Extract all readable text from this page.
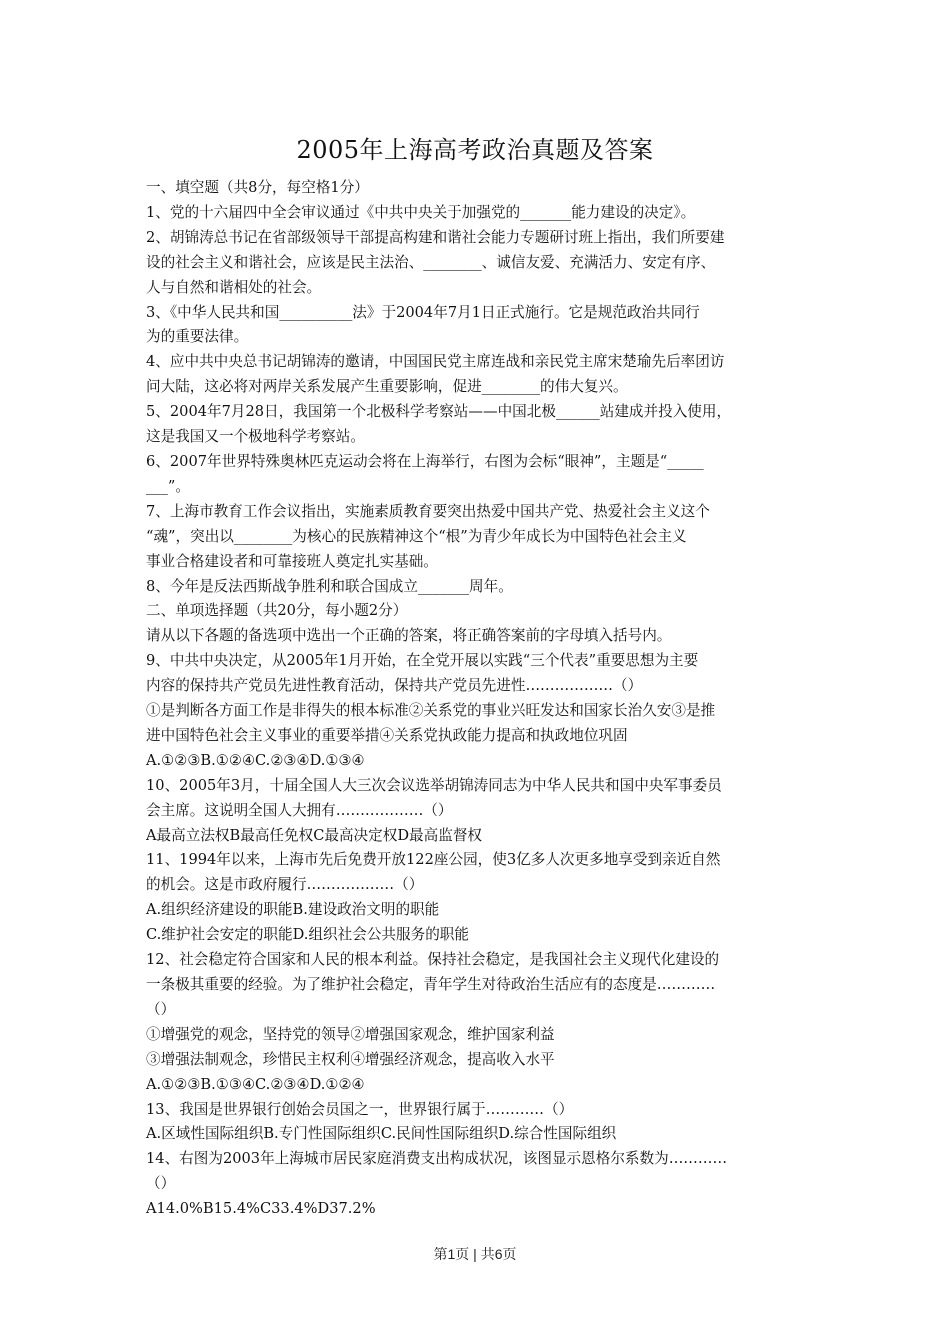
2005年上海高考政治真题及答案

一、填空题（共8分，每空格1分）

1、党的十六届四中全会审议通过《中共中央关于加强党的_______能力建设的决定》。

2、胡锦涛总书记在省部级领导干部提高构建和谐社会能力专题研讨班上指出，我们所要建

设的社会主义和谐社会，应该是民主法治、________、诚信友爱、充满活力、安定有序、

人与自然和谐相处的社会。

3、《中华人民共和国__________法》于2004年7月1日正式施行。它是规范政治共同行

为的重要法律。

4、应中共中央总书记胡锦涛的邀请，中国国民党主席连战和亲民党主席宋楚瑜先后率团访

问大陆，这必将对两岸关系发展产生重要影响，促进________的伟大复兴。

5、2004年7月28日，我国第一个北极科学考察站——中国北极______站建成并投入使用，

这是我国又一个极地科学考察站。

6、2007年世界特殊奥林匹克运动会将在上海举行，右图为会标“眼神”，主题是“_____

___”。

7、上海市教育工作会议指出，实施素质教育要突出热爱中国共产党、热爱社会主义这个

“魂”，突出以________为核心的民族精神这个“根”为青少年成长为中国特色社会主义

事业合格建设者和可靠接班人奠定扎实基础。

8、今年是反法西斯战争胜利和联合国成立_______周年。

二、单项选择题（共20分，每小题2分）

请从以下各题的备选项中选出一个正确的答案，将正确答案前的字母填入括号内。

9、中共中央决定，从2005年1月开始，在全党开展以实践“三个代表”重要思想为主要

内容的保持共产党员先进性教育活动，保持共产党员先进性………………（）

①是判断各方面工作是非得失的根本标准②关系党的事业兴旺发达和国家长治久安③是推

进中国特色社会主义事业的重要举措④关系党执政能力提高和执政地位巩固

A.①②③B.①②④C.②③④D.①③④

10、2005年3月，十届全国人大三次会议选举胡锦涛同志为中华人民共和国中央军事委员

会主席。这说明全国人大拥有………………（）

A最高立法权B最高任免权C最高决定权D最高监督权

11、1994年以来，上海市先后免费开放122座公园，使3亿多人次更多地享受到亲近自然

的机会。这是市政府履行………………（）

A.组织经济建设的职能B.建设政治文明的职能

C.维护社会安定的职能D.组织社会公共服务的职能

12、社会稳定符合国家和人民的根本利益。保持社会稳定，是我国社会主义现代化建设的

一条极其重要的经验。为了维护社会稳定，青年学生对待政治生活应有的态度是…………

（）

①增强党的观念，坚持党的领导②增强国家观念，维护国家利益

③增强法制观念，珍惜民主权利④增强经济观念，提高收入水平

A.①②③B.①③④C.②③④D.①②④

13、我国是世界银行创始会员国之一，世界银行属于…………（）

A.区域性国际组织B.专门性国际组织C.民间性国际组织D.综合性国际组织

14、右图为2003年上海城市居民家庭消费支出构成状况，该图显示恩格尔系数为…………

（）

A14.0%B15.4%C33.4%D37.2%

第1页 | 共6页
